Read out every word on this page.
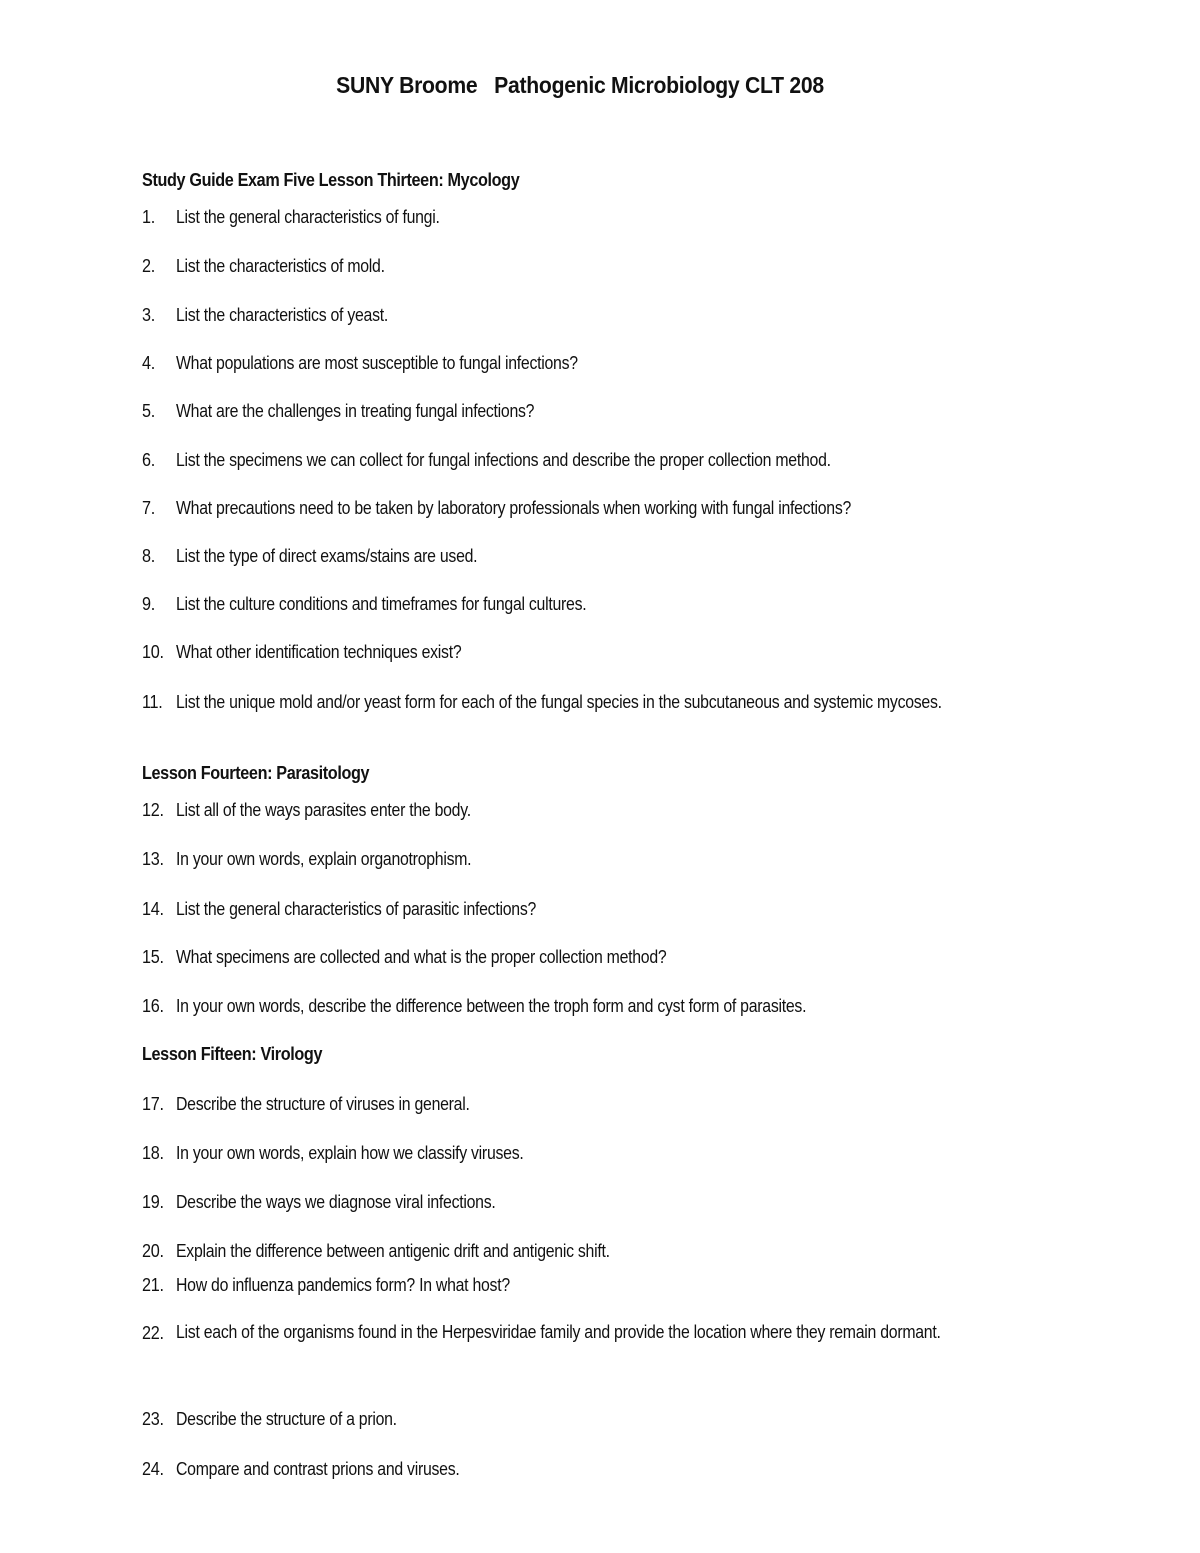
SUNY Broome   Pathogenic Microbiology CLT 208
Study Guide Exam Five Lesson Thirteen: Mycology
1.	List the general characteristics of fungi.
2.	List the characteristics of mold.
3.	List the characteristics of yeast.
4.	What populations are most susceptible to fungal infections?
5.	What are the challenges in treating fungal infections?
6.	List the specimens we can collect for fungal infections and describe the proper collection method.
7.	What precautions need to be taken by laboratory professionals when working with fungal infections?
8.	List the type of direct exams/stains are used.
9.	List the culture conditions and timeframes for fungal cultures.
10. What other identification techniques exist?
11. List the unique mold and/or yeast form for each of the fungal species in the subcutaneous and systemic mycoses.
Lesson Fourteen: Parasitology
12. List all of the ways parasites enter the body.
13. In your own words, explain organotrophism.
14. List the general characteristics of parasitic infections?
15. What specimens are collected and what is the proper collection method?
16. In your own words, describe the difference between the troph form and cyst form of parasites.
Lesson Fifteen: Virology
17. Describe the structure of viruses in general.
18. In your own words, explain how we classify viruses.
19. Describe the ways we diagnose viral infections.
20. Explain the difference between antigenic drift and antigenic shift.
21. How do influenza pandemics form? In what host?
22. List each of the organisms found in the Herpesviridae family and provide the location where they remain dormant.
23. Describe the structure of a prion.
24. Compare and contrast prions and viruses.
